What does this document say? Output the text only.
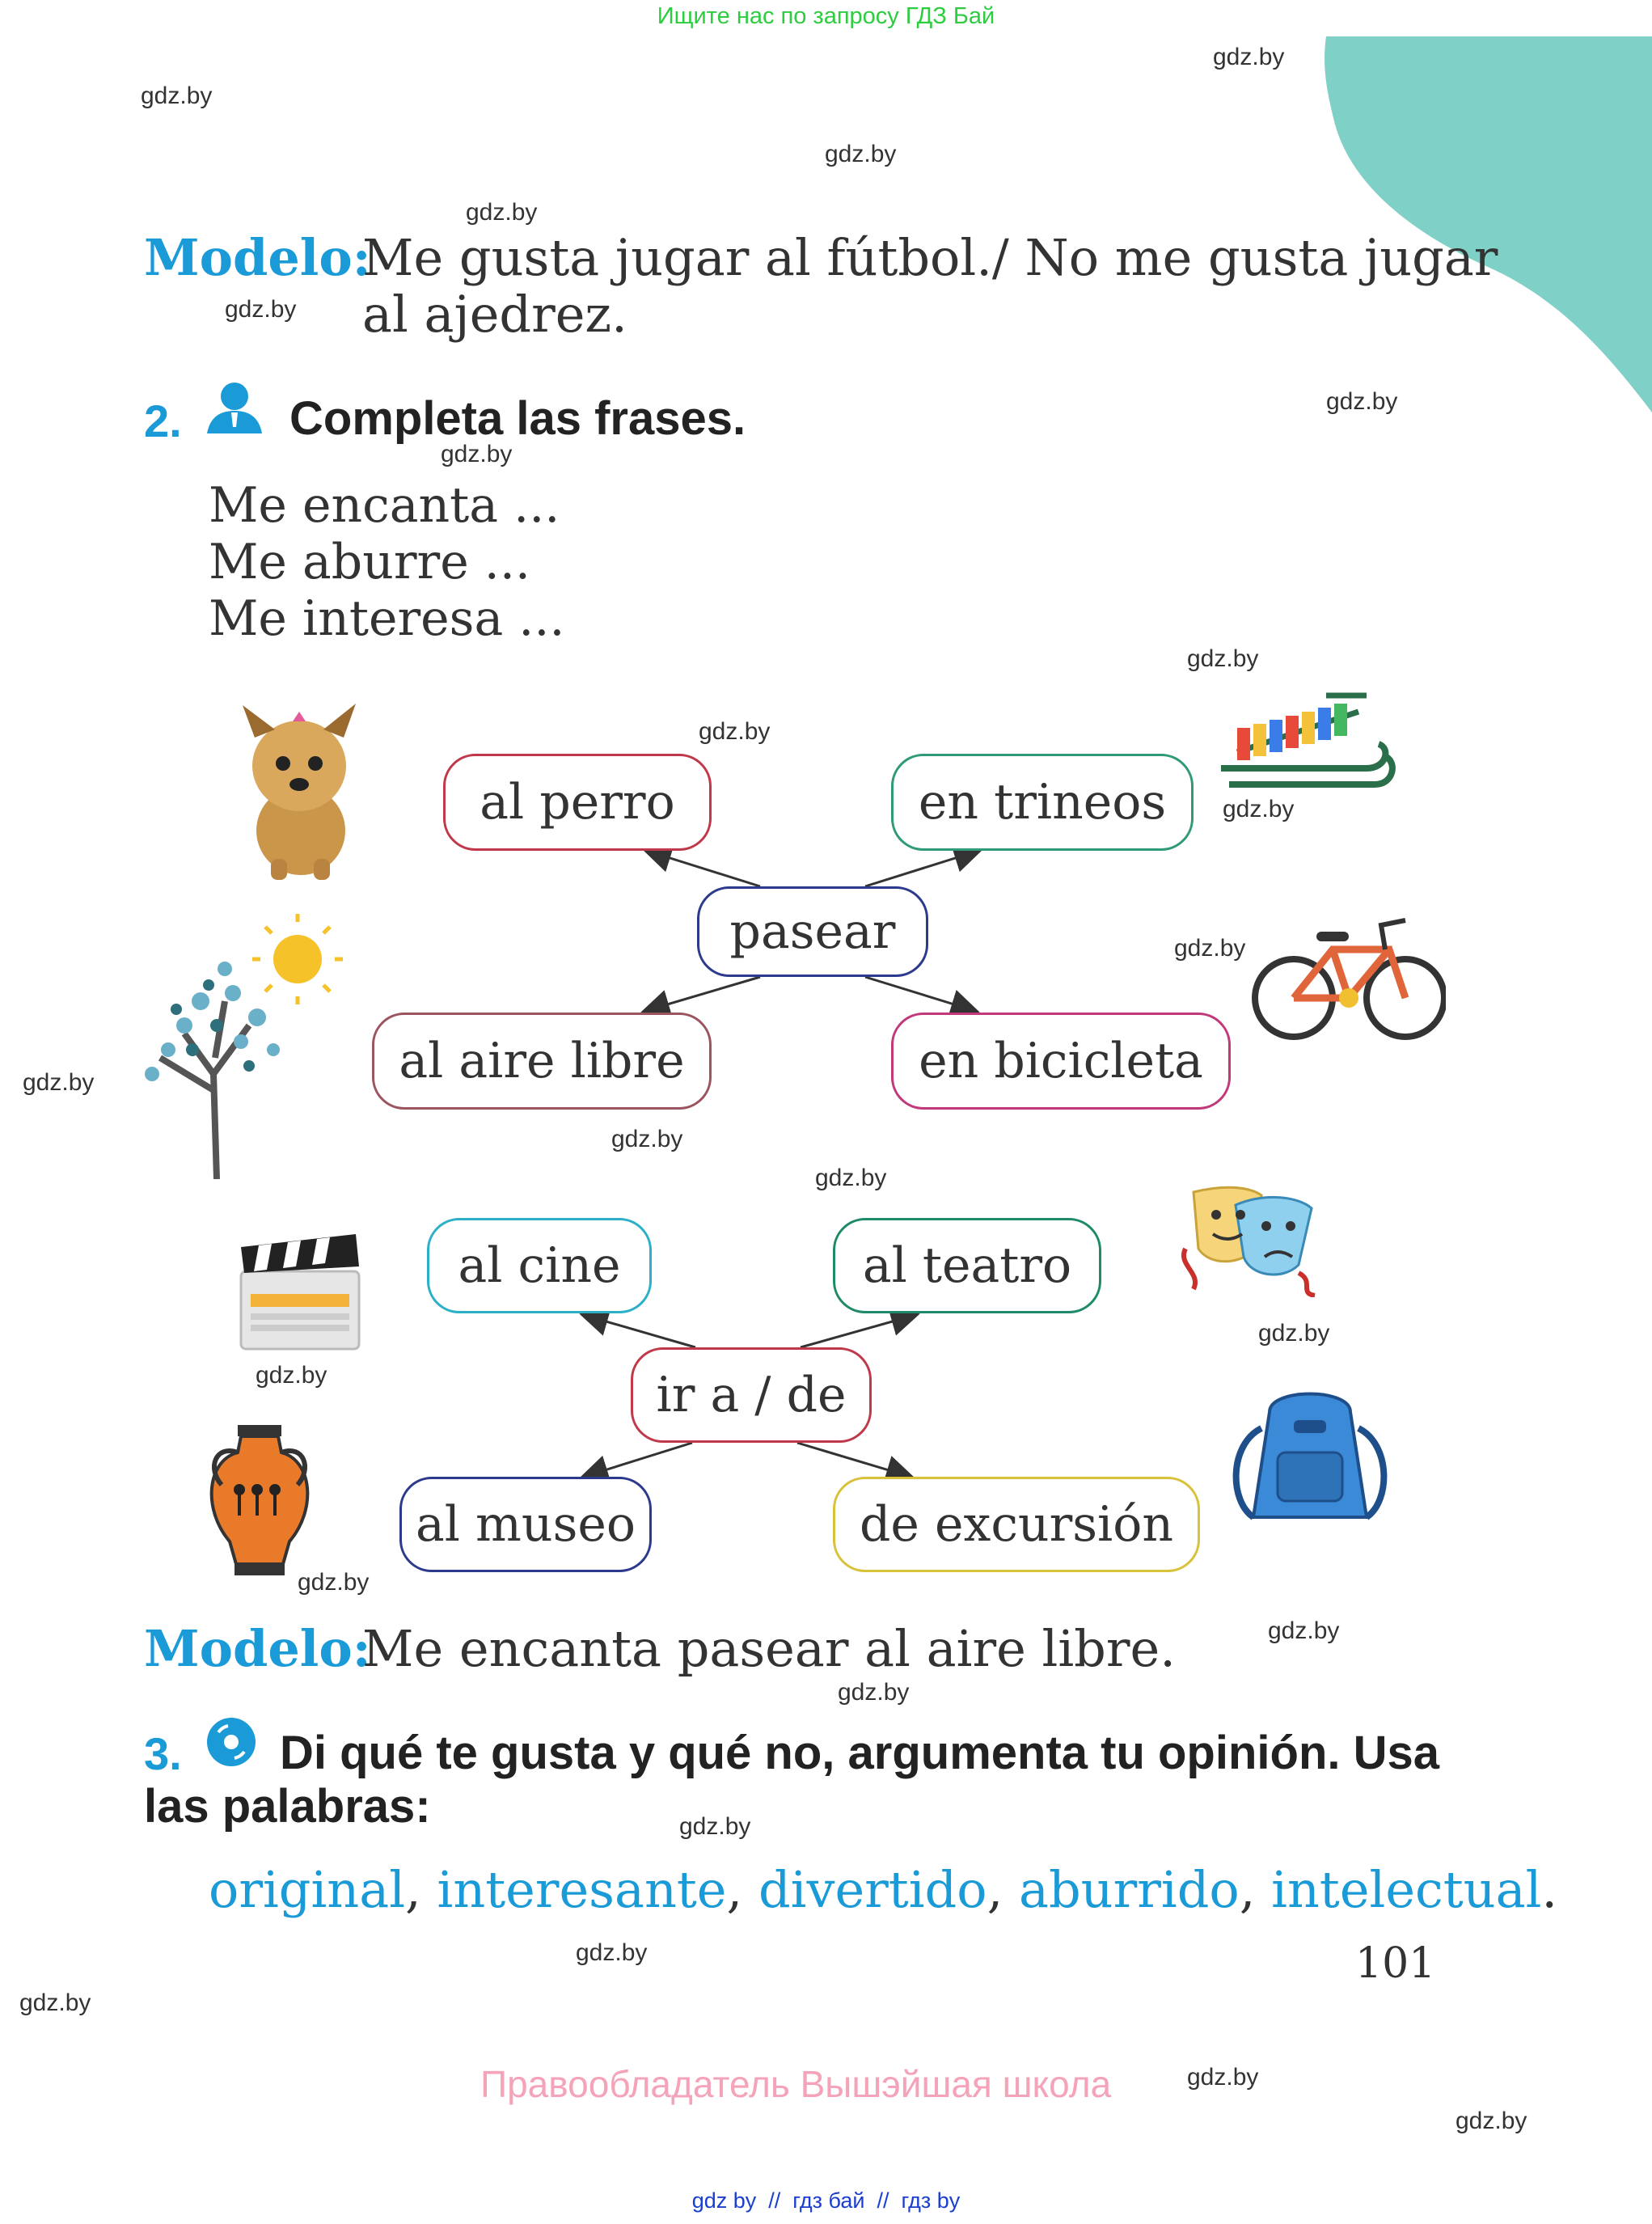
Ищите нас по запросу ГДЗ Бай
gdz.by
gdz.by
gdz.by
gdz.by
gdz.by
gdz.by
gdz.by
gdz.by
gdz.by
gdz.by
gdz.by
gdz.by
gdz.by
gdz.by
gdz.by
gdz.by
gdz.by
gdz.by
gdz.by
gdz.by
gdz.by
gdz.by
gdz.by
gdz.by
Modelo:
Me gusta jugar al fútbol./ No me gusta jugar
al ajedrez.
2. Completa las frases.
Me encanta ...
Me aburre ...
Me interesa ...
al perro	en trineos
pasear
al aire libre	en bicicleta
al cine	al teatro
ir a / de
al museo	de excursión
Modelo:
Me encanta pasear al aire libre.
3. Di qué te gusta y qué no, argumenta tu opinión. Usa
las palabras:
original, interesante, divertido, aburrido, intelectual.
101
Правообладатель Вышэйшая школа
gdz by  //  гдз бай  //  гдз by
